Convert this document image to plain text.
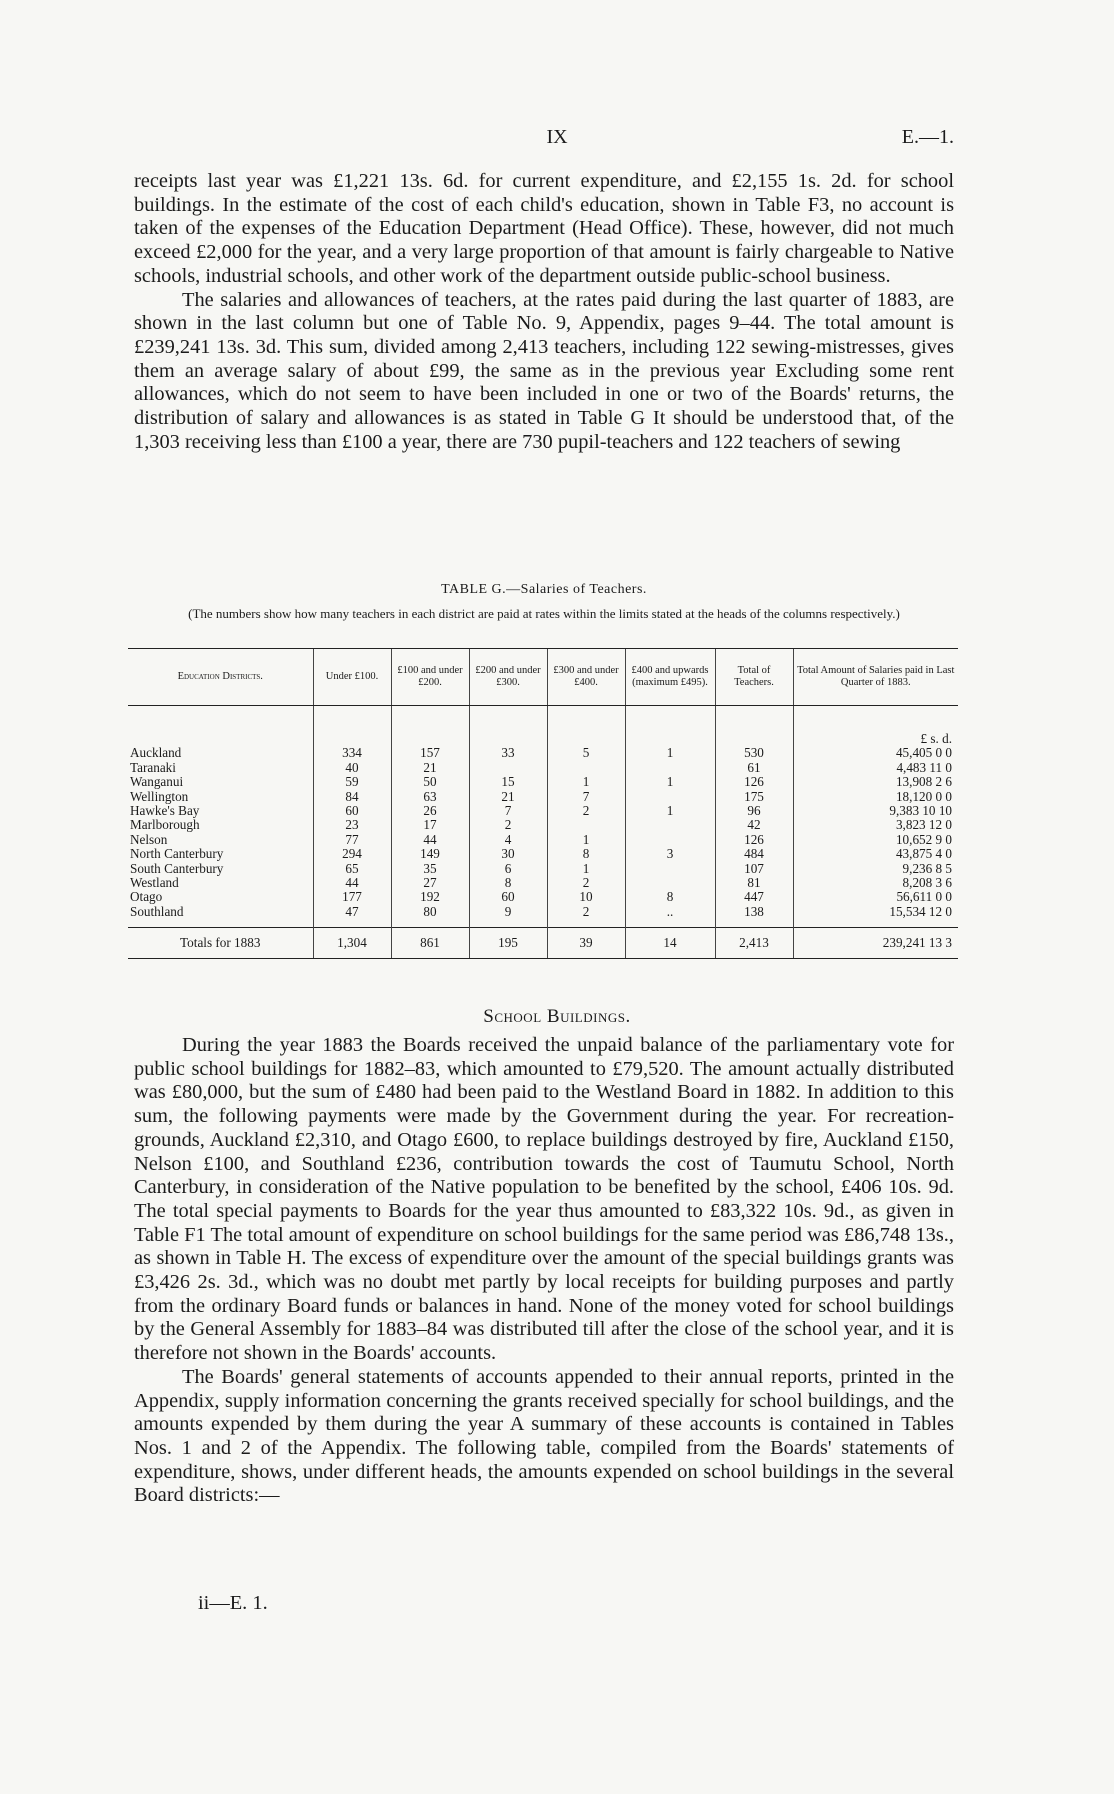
IX	E.—1.

receipts last year was £1,221 13s. 6d. for current expenditure, and £2,155 1s. 2d. for school buildings. In the estimate of the cost of each child's education, shown in Table F3, no account is taken of the expenses of the Education Department (Head Office). These, however, did not much exceed £2,000 for the year, and a very large proportion of that amount is fairly chargeable to Native schools, industrial schools, and other work of the department outside public-school business.

The salaries and allowances of teachers, at the rates paid during the last quarter of 1883, are shown in the last column but one of Table No. 9, Appendix, pages 9–44. The total amount is £239,241 13s. 3d. This sum, divided among 2,413 teachers, including 122 sewing-mistresses, gives them an average salary of about £99, the same as in the previous year Excluding some rent allowances, which do not seem to have been included in one or two of the Boards' returns, the distribution of salary and allowances is as stated in Table G It should be understood that, of the 1,303 receiving less than £100 a year, there are 730 pupil-teachers and 122 teachers of sewing

TABLE G.—Salaries of Teachers.
(The numbers show how many teachers in each district are paid at rates within the limits stated at the heads of the columns respectively.)
Education Districts.	Under £100.	£100 and under £200.	£200 and under £300.	£300 and under £400.	£400 and upwards (maximum £495).	Total of Teachers.	Total Amount of Salaries paid in Last Quarter of 1883.

							£ s. d.
Auckland	334	157	33	5	1	530	45,405 0 0
Taranaki	40	21				61	4,483 11 0
Wanganui	59	50	15	1	1	126	13,908 2 6
Wellington	84	63	21	7		175	18,120 0 0
Hawke's Bay	60	26	7	2	1	96	9,383 10 10
Marlborough	23	17	2			42	3,823 12 0
Nelson	77	44	4	1		126	10,652 9 0
North Canterbury	294	149	30	8	3	484	43,875 4 0
South Canterbury	65	35	6	1		107	9,236 8 5
Westland	44	27	8	2		81	8,208 3 6
Otago	177	192	60	10	8	447	56,611 0 0
Southland	47	80	9	2	..	138	15,534 12 0

Totals for 1883	1,304	861	195	39	14	2,413	239,241 13 3
School Buildings.

During the year 1883 the Boards received the unpaid balance of the parliamentary vote for public school buildings for 1882–83, which amounted to £79,520. The amount actually distributed was £80,000, but the sum of £480 had been paid to the Westland Board in 1882. In addition to this sum, the following payments were made by the Government during the year. For recreation-grounds, Auckland £2,310, and Otago £600, to replace buildings destroyed by fire, Auckland £150, Nelson £100, and Southland £236, contribution towards the cost of Taumutu School, North Canterbury, in consideration of the Native population to be benefited by the school, £406 10s. 9d. The total special payments to Boards for the year thus amounted to £83,322 10s. 9d., as given in Table F1 The total amount of expenditure on school buildings for the same period was £86,748 13s., as shown in Table H. The excess of expenditure over the amount of the special buildings grants was £3,426 2s. 3d., which was no doubt met partly by local receipts for building purposes and partly from the ordinary Board funds or balances in hand. None of the money voted for school buildings by the General Assembly for 1883–84 was distributed till after the close of the school year, and it is therefore not shown in the Boards' accounts.

The Boards' general statements of accounts appended to their annual reports, printed in the Appendix, supply information concerning the grants received specially for school buildings, and the amounts expended by them during the year A summary of these accounts is contained in Tables Nos. 1 and 2 of the Appendix. The following table, compiled from the Boards' statements of expenditure, shows, under different heads, the amounts expended on school buildings in the several Board districts:—

ii—E. 1.
